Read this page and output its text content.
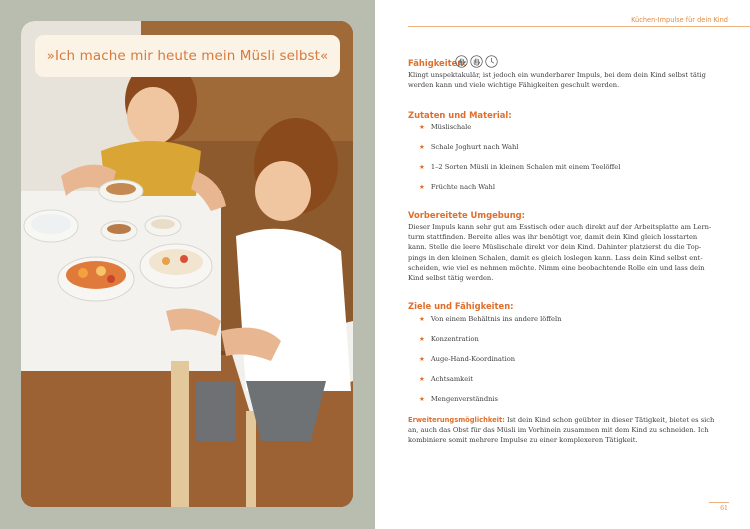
»Ich mache mir heute mein Müsli selbst«
Küchen-Impulse für dein Kind
Fähigkeiten:
Klingt unspektakulär, ist jedoch ein wunderbarer Impuls, bei dem dein Kind selbst tätig werden kann und viele wichtige Fähigkeiten geschult werden.
Zutaten und Material:
★ Müslischale
★ Schale Joghurt nach Wahl
★ 1–2 Sorten Müsli in kleinen Schalen mit einem Teelöffel
★ Früchte nach Wahl
Vorbereitete Umgebung:
Dieser Impuls kann sehr gut am Esstisch oder auch direkt auf der Arbeitsplatte am Lern-
turm stattfinden. Bereite alles was ihr benötigt vor, damit dein Kind gleich losstarten
kann. Stelle die leere Müslischale direkt vor dein Kind. Dahinter platzierst du die Top-
pings in den kleinen Schalen, damit es gleich loslegen kann. Lass dein Kind selbst ent-
scheiden, wie viel es nehmen möchte. Nimm eine beobachtende Rolle ein und lass dein
Kind selbst tätig werden.
Ziele und Fähigkeiten:
★ Von einem Behältnis ins andere löffeln
★ Konzentration
★ Auge-Hand-Koordination
★ Achtsamkeit
★ Mengenverständnis
Erweiterungsmöglichkeit: Ist dein Kind schon geübter in dieser Tätigkeit, bietet es sich
an, auch das Obst für das Müsli im Vorhinein zusammen mit dem Kind zu schneiden. Ich
kombiniere somit mehrere Impulse zu einer komplexeren Tätigkeit.
61
